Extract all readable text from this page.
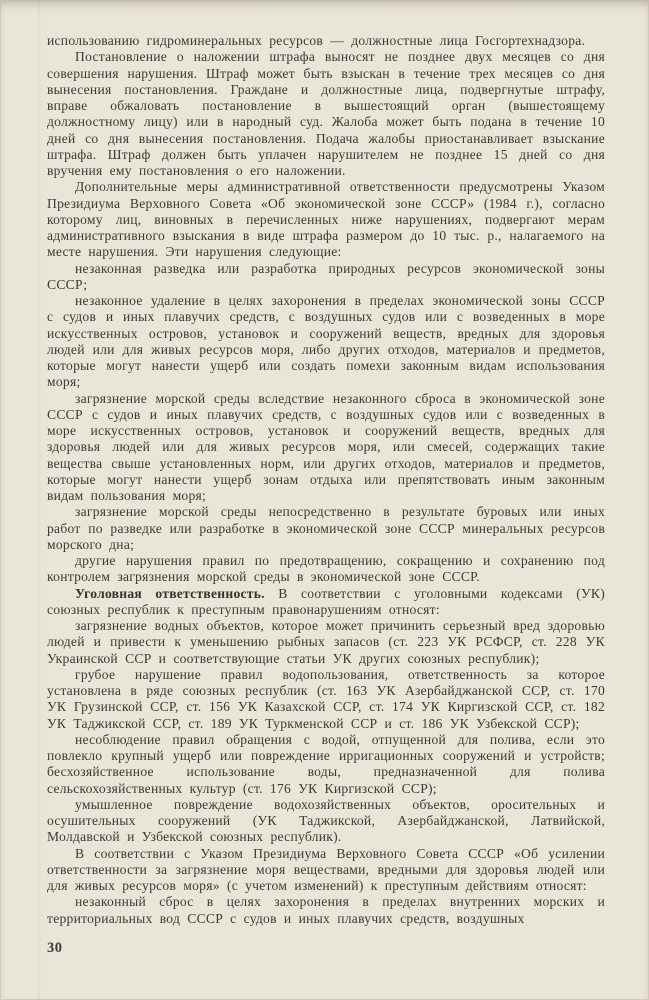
использованию гидроминеральных ресурсов — должностные лица Госгортехнадзора.

Постановление о наложении штрафа выносят не позднее двух месяцев со дня совершения нарушения. Штраф может быть взыскан в течение трех месяцев со дня вынесения постановления. Граждане и должностные лица, подвергнутые штрафу, вправе обжаловать постановление в вышестоящий орган (вышестоящему должностному лицу) или в народный суд. Жалоба может быть подана в течение 10 дней со дня вынесения постановления. Подача жалобы приостанавливает взыскание штрафа. Штраф должен быть уплачен нарушителем не позднее 15 дней со дня вручения ему постановления о его наложении.

Дополнительные меры административной ответственности предусмотрены Указом Президиума Верховного Совета «Об экономической зоне СССР» (1984 г.), согласно которому лиц, виновных в перечисленных ниже нарушениях, подвергают мерам административного взыскания в виде штрафа размером до 10 тыс. р., налагаемого на месте нарушения. Эти нарушения следующие:

незаконная разведка или разработка природных ресурсов экономической зоны СССР;

незаконное удаление в целях захоронения в пределах экономической зоны СССР с судов и иных плавучих средств, с воздушных судов или с возведенных в море искусственных островов, установок и сооружений веществ, вредных для здоровья людей или для живых ресурсов моря, либо других отходов, материалов и предметов, которые могут нанести ущерб или создать помехи законным видам использования моря;

загрязнение морской среды вследствие незаконного сброса в экономической зоне СССР с судов и иных плавучих средств, с воздушных судов или с возведенных в море искусственных островов, установок и сооружений веществ, вредных для здоровья людей или для живых ресурсов моря, или смесей, содержащих такие вещества свыше установленных норм, или других отходов, материалов и предметов, которые могут нанести ущерб зонам отдыха или препятствовать иным законным видам пользования моря;

загрязнение морской среды непосредственно в результате буровых или иных работ по разведке или разработке в экономической зоне СССР минеральных ресурсов морского дна;

другие нарушения правил по предотвращению, сокращению и сохранению под контролем загрязнения морской среды в экономической зоне СССР.

Уголовная ответственность. В соответствии с уголовными кодексами (УК) союзных республик к преступным правонарушениям относят:

загрязнение водных объектов, которое может причинить серьезный вред здоровью людей и привести к уменьшению рыбных запасов (ст. 223 УК РСФСР, ст. 228 УК Украинской ССР и соответствующие статьи УК других союзных республик);

грубое нарушение правил водопользования, ответственность за которое установлена в ряде союзных республик (ст. 163 УК Азербайджанской ССР, ст. 170 УК Грузинской ССР, ст. 156 УК Казахской ССР, ст. 174 УК Киргизской ССР, ст. 182 УК Таджикской ССР, ст. 189 УК Туркменской ССР и ст. 186 УК Узбекской ССР);

несоблюдение правил обращения с водой, отпущенной для полива, если это повлекло крупный ущерб или повреждение ирригационных сооружений и устройств; бесхозяйственное использование воды, предназначенной для полива сельскохозяйственных культур (ст. 176 УК Киргизской ССР);

умышленное повреждение водохозяйственных объектов, оросительных и осушительных сооружений (УК Таджикской, Азербайджанской, Латвийской, Молдавской и Узбекской союзных республик).

В соответствии с Указом Президиума Верховного Совета СССР «Об усилении ответственности за загрязнение моря веществами, вредными для здоровья людей или для живых ресурсов моря» (с учетом изменений) к преступным действиям относят:

незаконный сброс в целях захоронения в пределах внутренних морских и территориальных вод СССР с судов и иных плавучих средств, воздушных

30
